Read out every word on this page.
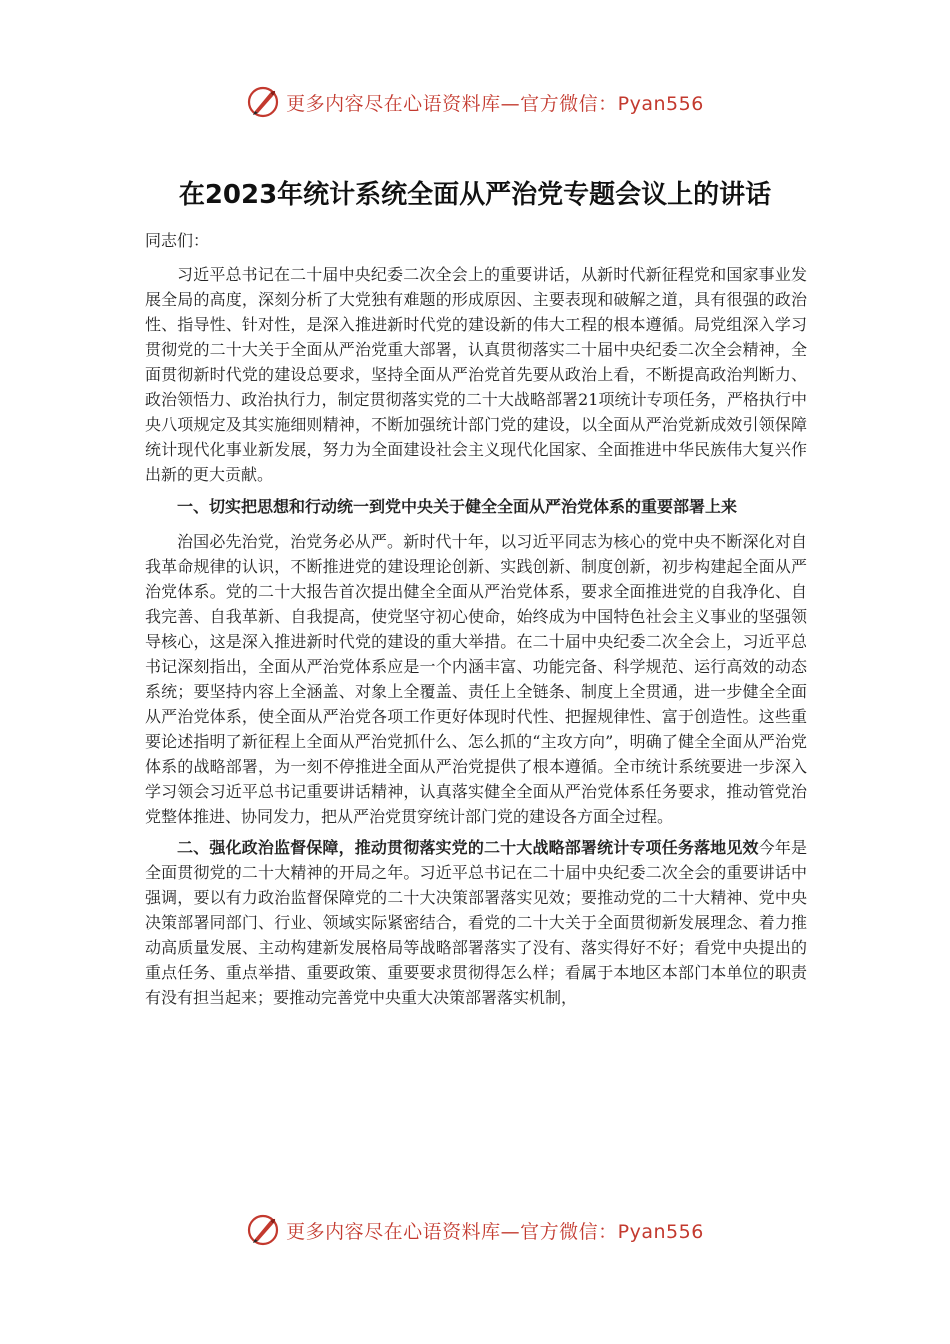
更多内容尽在心语资料库—官方微信：Pyan556
在2023年统计系统全面从严治党专题会议上的讲话

同志们：

习近平总书记在二十届中央纪委二次全会上的重要讲话，从新时代新征程党和国家事业发展全局的高度，深刻分析了大党独有难题的形成原因、主要表现和破解之道，具有很强的政治性、指导性、针对性，是深入推进新时代党的建设新的伟大工程的根本遵循。局党组深入学习贯彻党的二十大关于全面从严治党重大部署，认真贯彻落实二十届中央纪委二次全会精神，全面贯彻新时代党的建设总要求，坚持全面从严治党首先要从政治上看，不断提高政治判断力、政治领悟力、政治执行力，制定贯彻落实党的二十大战略部署21项统计专项任务，严格执行中央八项规定及其实施细则精神，不断加强统计部门党的建设，以全面从严治党新成效引领保障统计现代化事业新发展，努力为全面建设社会主义现代化国家、全面推进中华民族伟大复兴作出新的更大贡献。

一、切实把思想和行动统一到党中央关于健全全面从严治党体系的重要部署上来

治国必先治党，治党务必从严。新时代十年，以习近平同志为核心的党中央不断深化对自我革命规律的认识，不断推进党的建设理论创新、实践创新、制度创新，初步构建起全面从严治党体系。党的二十大报告首次提出健全全面从严治党体系，要求全面推进党的自我净化、自我完善、自我革新、自我提高，使党坚守初心使命，始终成为中国特色社会主义事业的坚强领导核心，这是深入推进新时代党的建设的重大举措。在二十届中央纪委二次全会上，习近平总书记深刻指出，全面从严治党体系应是一个内涵丰富、功能完备、科学规范、运行高效的动态系统；要坚持内容上全涵盖、对象上全覆盖、责任上全链条、制度上全贯通，进一步健全全面从严治党体系，使全面从严治党各项工作更好体现时代性、把握规律性、富于创造性。这些重要论述指明了新征程上全面从严治党抓什么、怎么抓的“主攻方向”，明确了健全全面从严治党体系的战略部署，为一刻不停推进全面从严治党提供了根本遵循。全市统计系统要进一步深入学习领会习近平总书记重要讲话精神，认真落实健全全面从严治党体系任务要求，推动管党治党整体推进、协同发力，把从严治党贯穿统计部门党的建设各方面全过程。

二、强化政治监督保障，推动贯彻落实党的二十大战略部署统计专项任务落地见效今年是全面贯彻党的二十大精神的开局之年。习近平总书记在二十届中央纪委二次全会的重要讲话中强调，要以有力政治监督保障党的二十大决策部署落实见效；要推动党的二十大精神、党中央决策部署同部门、行业、领域实际紧密结合，看党的二十大关于全面贯彻新发展理念、着力推动高质量发展、主动构建新发展格局等战略部署落实了没有、落实得好不好；看党中央提出的重点任务、重点举措、重要政策、重要要求贯彻得怎么样；看属于本地区本部门本单位的职责有没有担当起来；要推动完善党中央重大决策部署落实机制，

更多内容尽在心语资料库—官方微信：Pyan556
